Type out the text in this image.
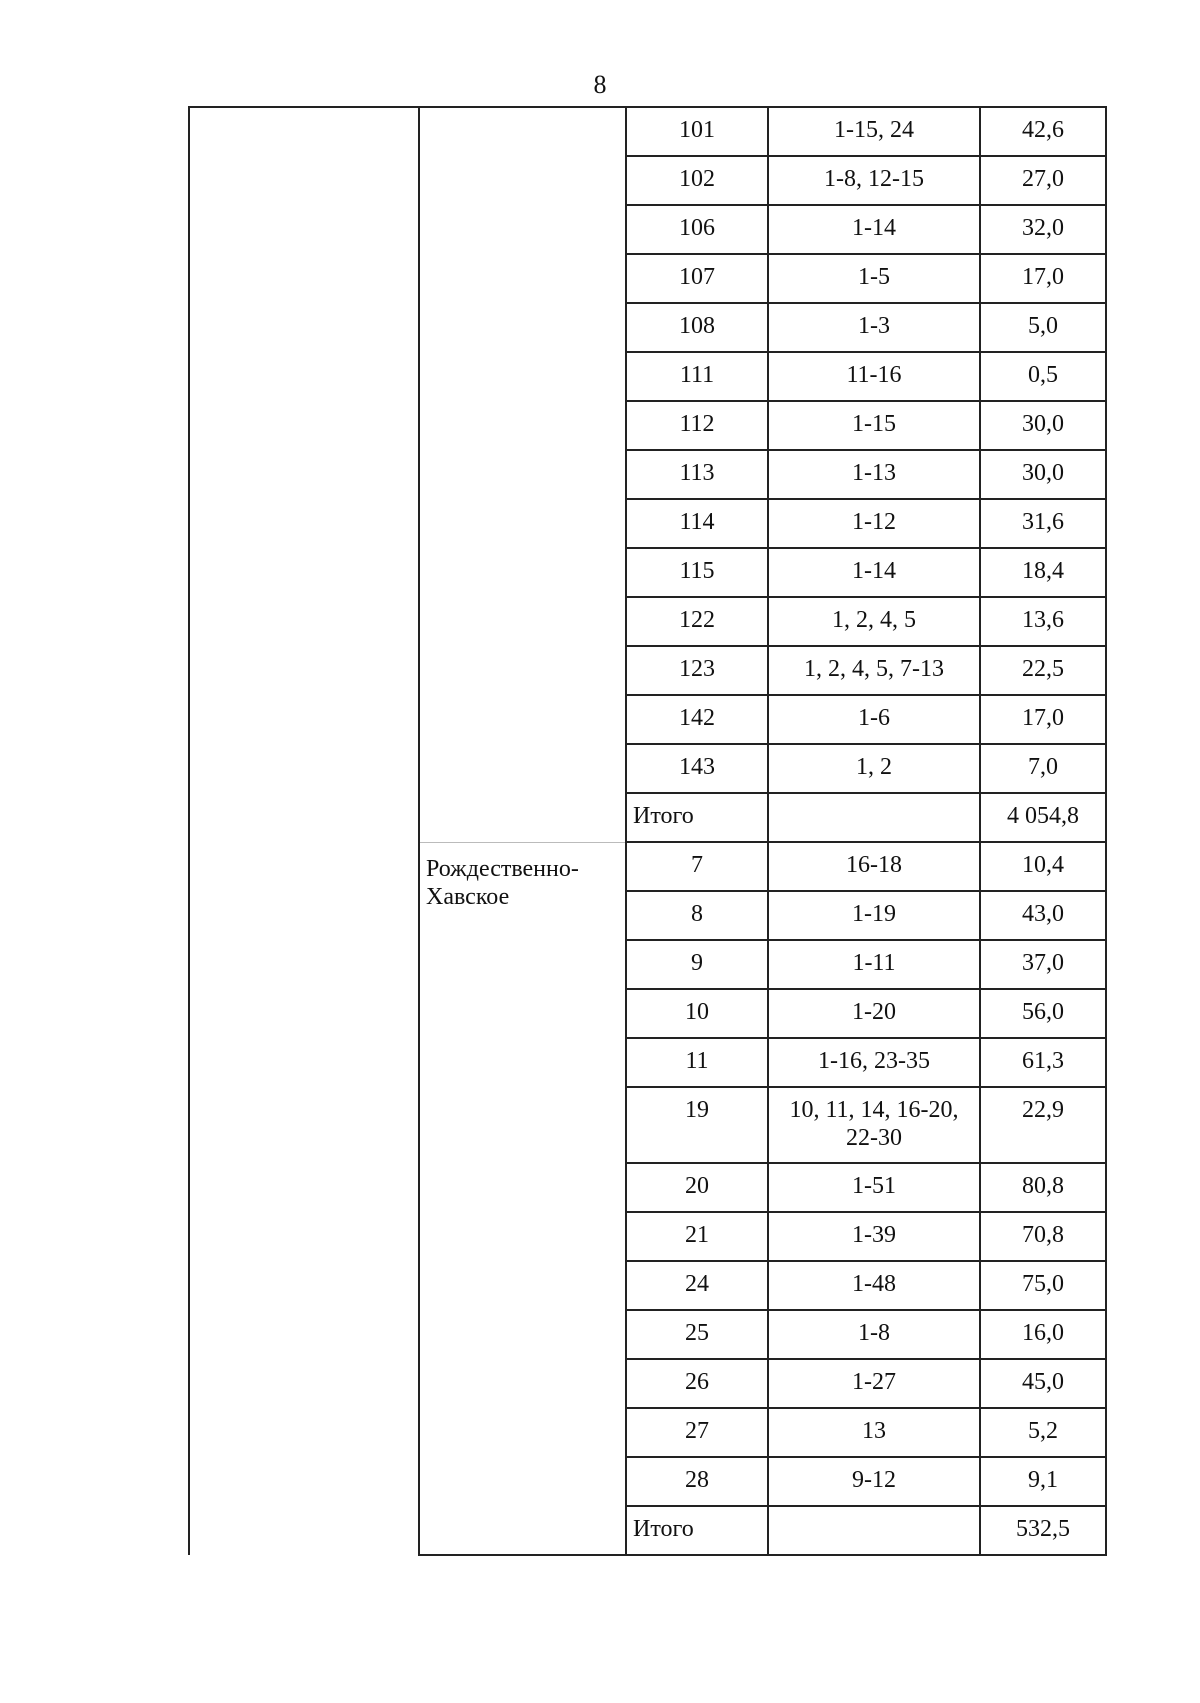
8
		101	1-15, 24	42,6
		102	1-8, 12-15	27,0
		106	1-14	32,0
		107	1-5	17,0
		108	1-3	5,0
		111	11-16	0,5
		112	1-15	30,0
		113	1-13	30,0
		114	1-12	31,6
		115	1-14	18,4
		122	1, 2, 4, 5	13,6
		123	1, 2, 4, 5, 7-13	22,5
		142	1-6	17,0
		143	1, 2	7,0
		Итого		4 054,8
	Рождественно-Хавское	7	16-18	10,4
		8	1-19	43,0
		9	1-11	37,0
		10	1-20	56,0
		11	1-16, 23-35	61,3
		19	10, 11, 14, 16-20, 22-30	22,9
		20	1-51	80,8
		21	1-39	70,8
		24	1-48	75,0
		25	1-8	16,0
		26	1-27	45,0
		27	13	5,2
		28	9-12	9,1
		Итого		532,5
